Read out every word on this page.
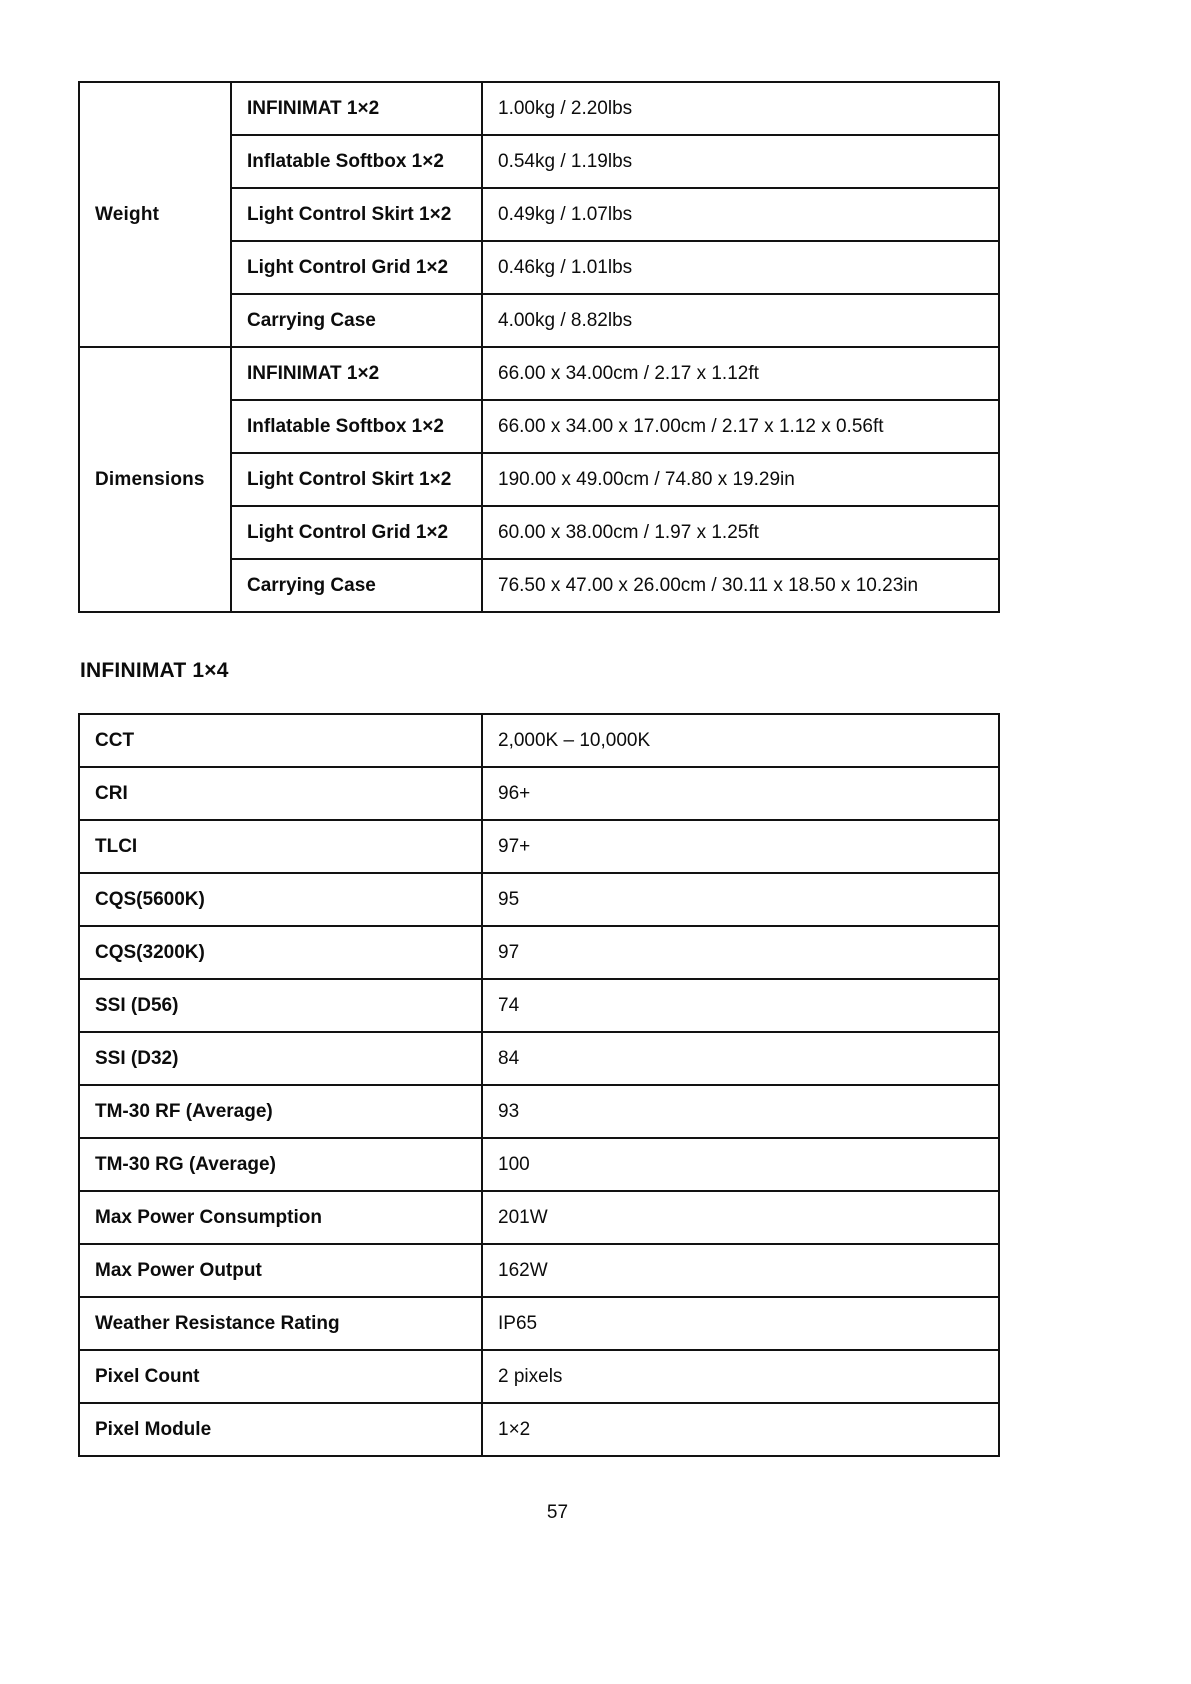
Weight	INFINIMAT 1×2	1.00kg / 2.20lbs
	Inflatable Softbox 1×2	0.54kg / 1.19lbs
	Light Control Skirt 1×2	0.49kg / 1.07lbs
	Light Control Grid 1×2	0.46kg / 1.01lbs
	Carrying Case	4.00kg / 8.82lbs
Dimensions	INFINIMAT 1×2	66.00 x 34.00cm / 2.17 x 1.12ft
	Inflatable Softbox 1×2	66.00 x 34.00 x 17.00cm / 2.17 x 1.12 x 0.56ft
	Light Control Skirt 1×2	190.00 x 49.00cm / 74.80 x 19.29in
	Light Control Grid 1×2	60.00 x 38.00cm / 1.97 x 1.25ft
	Carrying Case	76.50 x 47.00 x 26.00cm / 30.11 x 18.50 x 10.23in
INFINIMAT 1×4
CCT	2,000K – 10,000K
CRI	96+
TLCI	97+
CQS(5600K)	95
CQS(3200K)	97
SSI (D56)	74
SSI (D32)	84
TM-30 RF (Average)	93
TM-30 RG (Average)	100
Max Power Consumption	201W
Max Power Output	162W
Weather Resistance Rating	IP65
Pixel Count	2 pixels
Pixel Module	1×2
57
